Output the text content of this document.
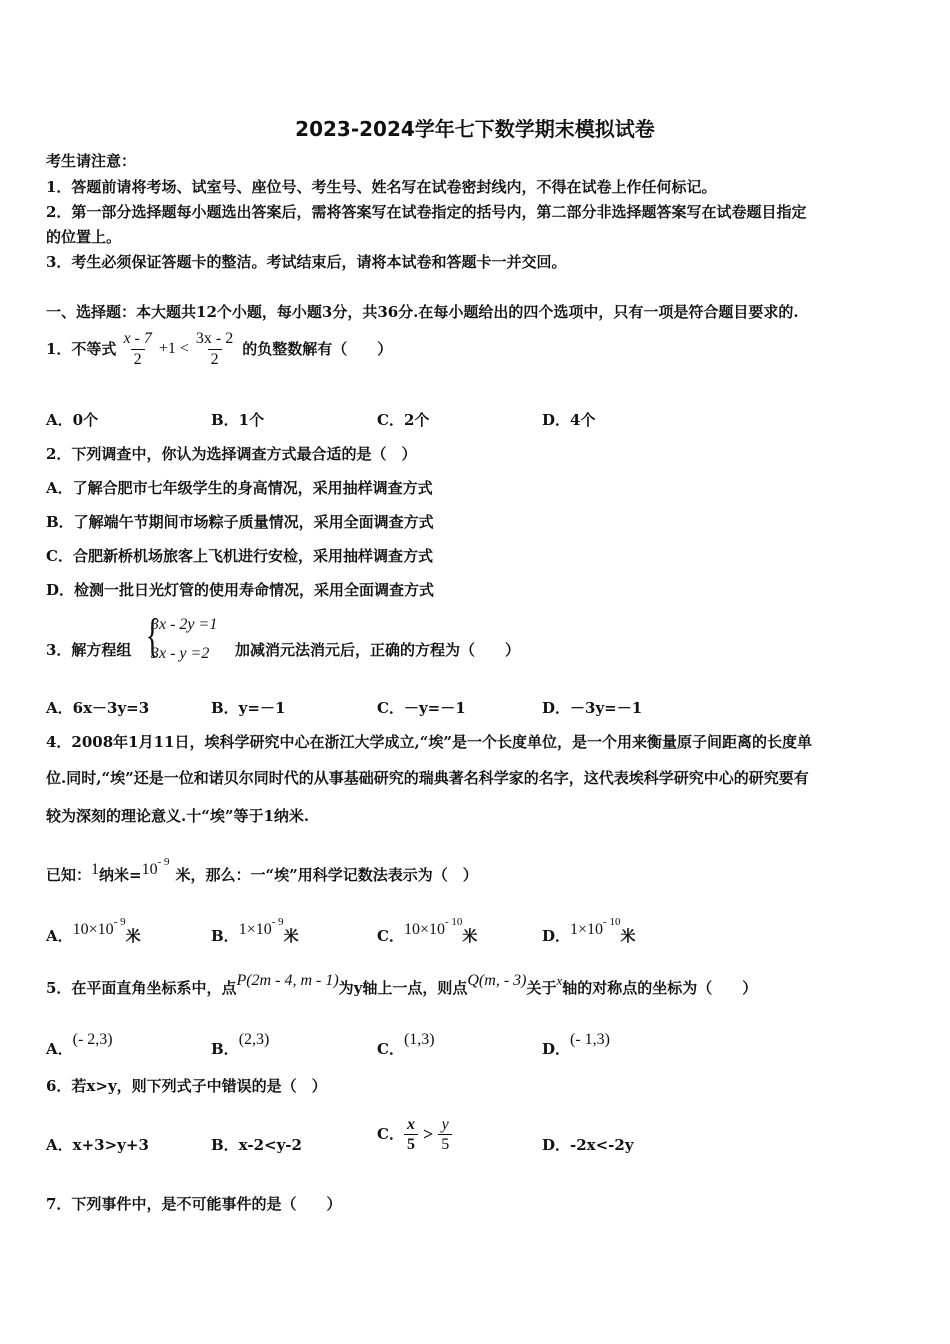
2023-2024学年七下数学期末模拟试卷
考生请注意：
1．答题前请将考场、试室号、座位号、考生号、姓名写在试卷密封线内，不得在试卷上作任何标记。
2．第一部分选择题每小题选出答案后，需将答案写在试卷指定的括号内，第二部分非选择题答案写在试卷题目指定
的位置上。
3．考生必须保证答题卡的整洁。考试结束后，请将本试卷和答题卡一并交回。
一、选择题：本大题共12个小题，每小题3分，共36分.在每小题给出的四个选项中，只有一项是符合题目要求的.
1．不等式 $\frac{x - 7}{2} +1 < \frac{3x - 2}{2}$ 的负整数解有（　　）
A．0个	B．1个	C．2个	D．4个
2．下列调查中，你认为选择调查方式最合适的是（　）
A．了解合肥市七年级学生的身高情况，采用抽样调查方式
B．了解端午节期间市场粽子质量情况，采用全面调查方式
C．合肥新桥机场旅客上飞机进行安检，采用抽样调查方式
D．检测一批日光灯管的使用寿命情况，采用全面调查方式
3．解方程组 {
3x - 2y =1
3x - y =2 加减消元法消元后，正确的方程为（　　）
A．6x－3y=3	B．y=－1	C．－y=－1	D．－3y=－1
4．2008年1月11日，埃科学研究中心在浙江大学成立,“埃”是一个长度单位，是一个用来衡量原子间距离的长度单
位.同时,“埃”还是一位和诺贝尔同时代的从事基础研究的瑞典著名科学家的名字，这代表埃科学研究中心的研究要有
较为深刻的理论意义.十“埃”等于1纳米.
已知：1纳米$=10^{- 9}$米，那么：一“埃”用科学记数法表示为（　）
A．$10\times 10^{- 9}$米	B．$1\times 10^{- 9}$米	C．$10\times 10^{- 10}$米	D．$1\times 10^{- 10}$米
5．在平面直角坐标系中，点P(2m - 4, m - 1)为y轴上一点，则点Q(m, - 3)关于x轴的对称点的坐标为（　　）
A．(- 2,3)
B．(2,3)
C．(1,3)
D．(- 1,3)
6．若x>y，则下列式子中错误的是（　）
A．x+3>y+3	B．x-2<y-2
C． $\frac{x}{5} > \frac{y}{5}$	D．-2x<-2y
7．下列事件中，是不可能事件的是（　　）
